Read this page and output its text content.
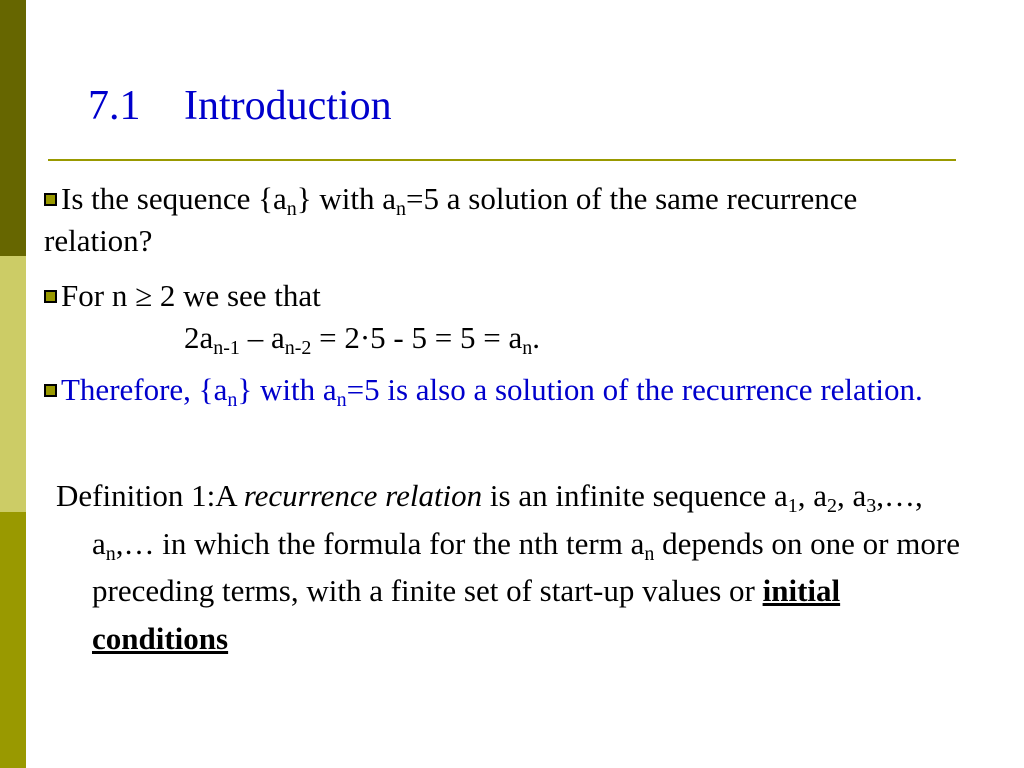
7.1 Introduction

Is the sequence $\{a_n\}$ with $a_n=5$ a solution of the same recurrence relation?

For n ≥ 2 we see that
$2a_{n-1} - a_{n-2} = 2\cdot 5 - 5 = 5 = a_n$.

Therefore, $\{a_n\}$ with $a_n=5$ is also a solution of the recurrence relation.

Definition 1:A recurrence relation is an infinite sequence $a_1$, $a_2$, $a_3,\dots$, $a_n,\dots$ in which the formula for the nth term $a_n$ depends on one or more preceding terms, with a finite set of start-up values or initial conditions
